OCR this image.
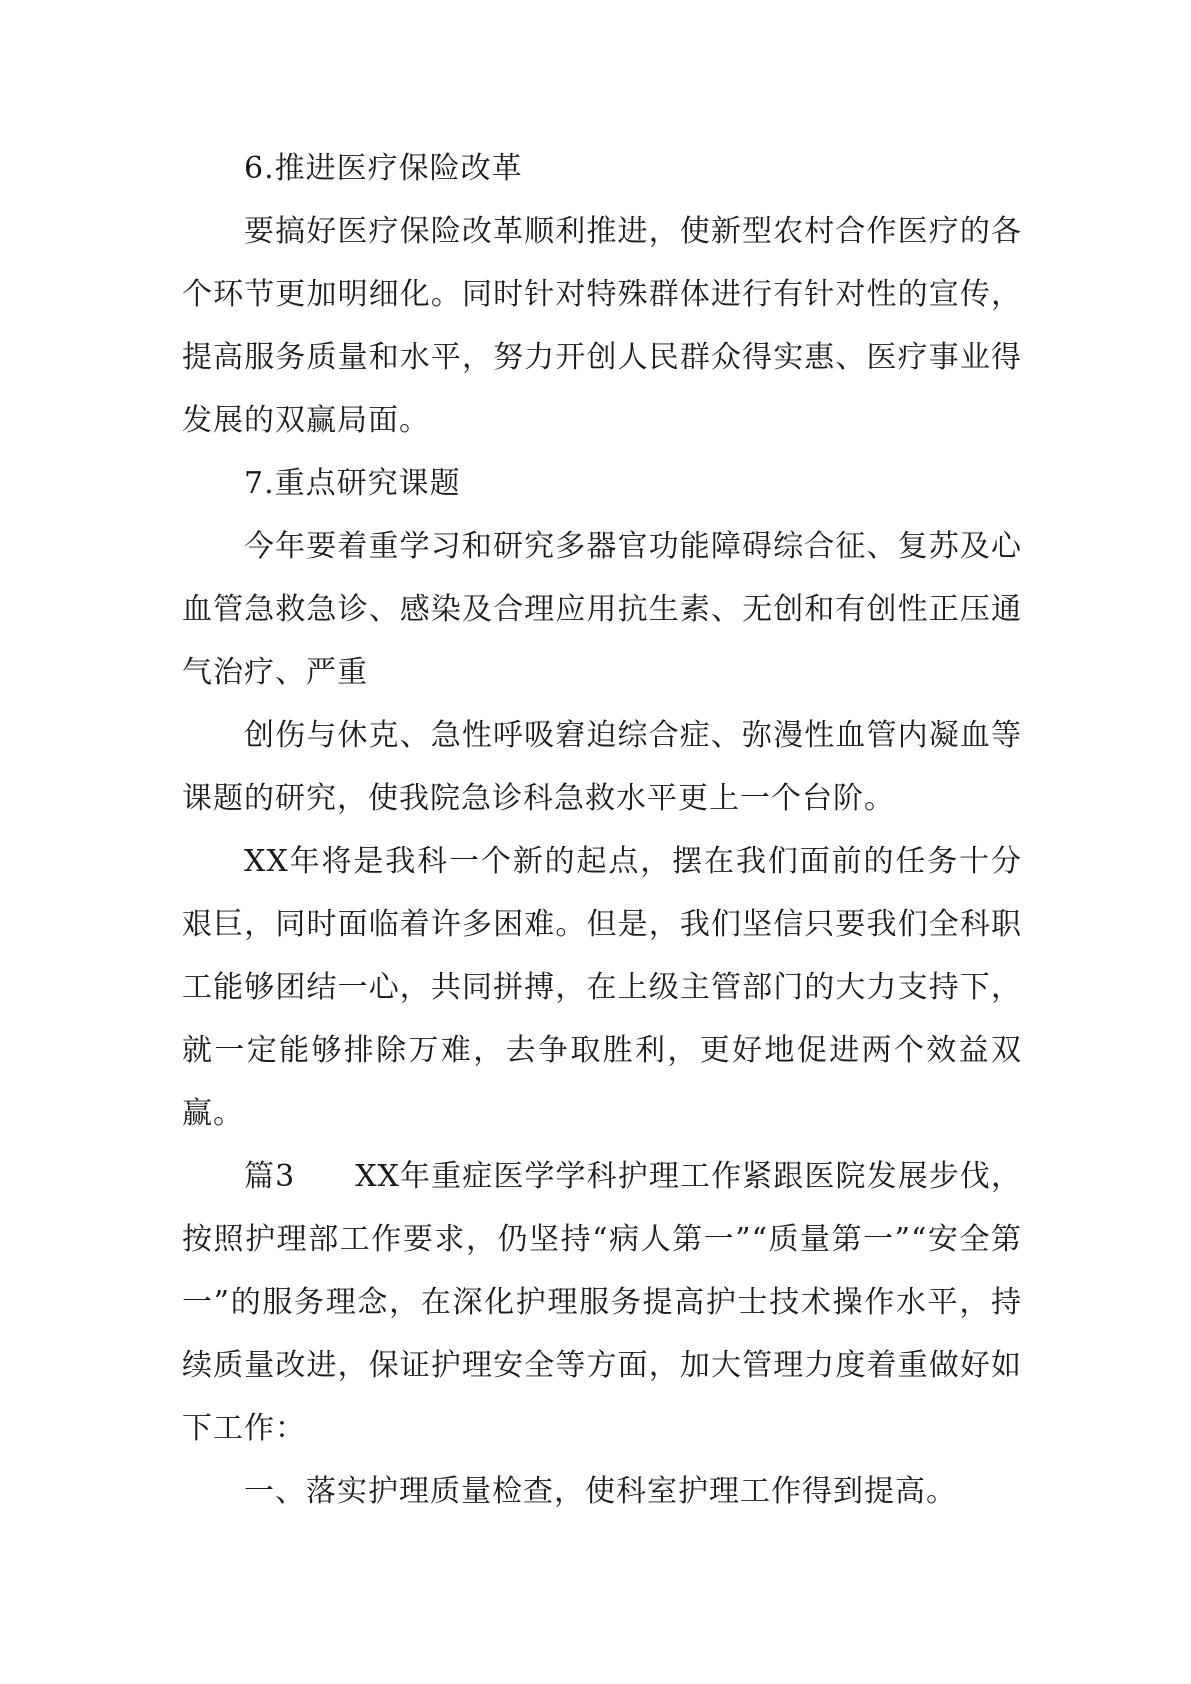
6.推进医疗保险改革

要搞好医疗保险改革顺利推进，使新型农村合作医疗的各个环节更加明细化。同时针对特殊群体进行有针对性的宣传，提高服务质量和水平，努力开创人民群众得实惠、医疗事业得发展的双赢局面。

7.重点研究课题

今年要着重学习和研究多器官功能障碍综合征、复苏及心血管急救急诊、感染及合理应用抗生素、无创和有创性正压通气治疗、严重

创伤与休克、急性呼吸窘迫综合症、弥漫性血管内凝血等课题的研究，使我院急诊科急救水平更上一个台阶。

XX年将是我科一个新的起点，摆在我们面前的任务十分艰巨，同时面临着许多困难。但是，我们坚信只要我们全科职工能够团结一心，共同拼搏，在上级主管部门的大力支持下，就一定能够排除万难，去争取胜利，更好地促进两个效益双赢。

篇3 XX年重症医学学科护理工作紧跟医院发展步伐，按照护理部工作要求，仍坚持“病人第一”“质量第一”“安全第一”的服务理念，在深化护理服务提高护士技术操作水平，持续质量改进，保证护理安全等方面，加大管理力度着重做好如下工作：

一、落实护理质量检查，使科室护理工作得到提高。
